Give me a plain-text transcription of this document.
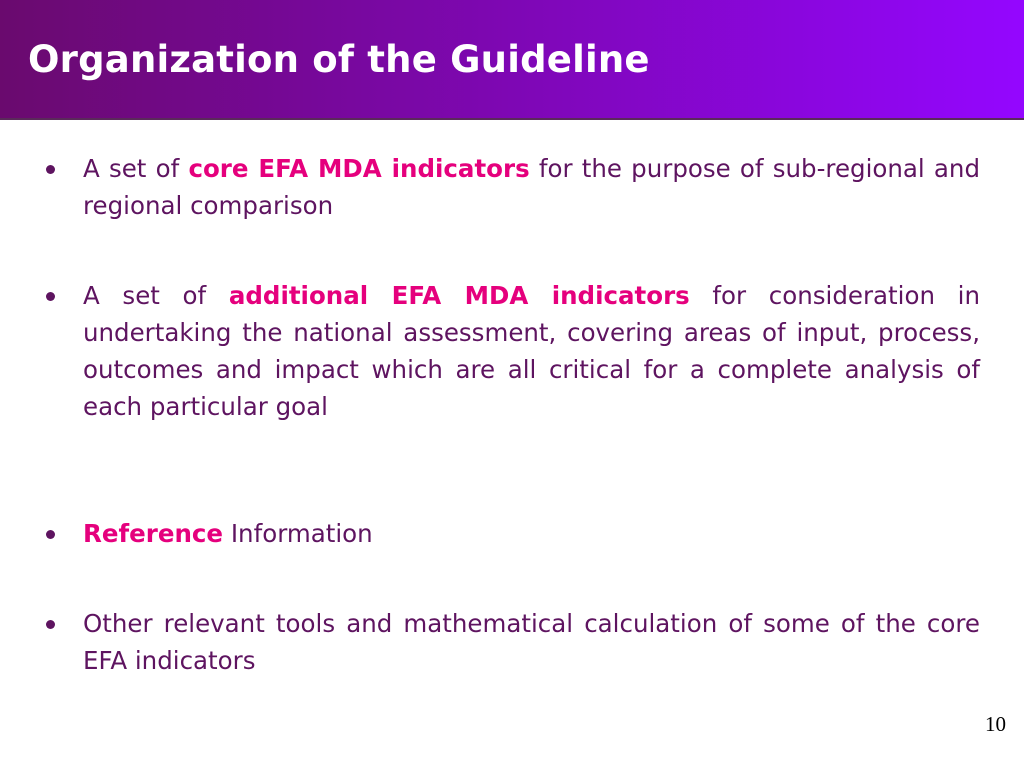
Organization of the Guideline

A set of core EFA MDA indicators for the purpose of sub-regional and regional comparison

A set of additional EFA MDA indicators for consideration in undertaking the national assessment, covering areas of input, process, outcomes and impact which are all critical for a complete analysis of each particular goal

Reference Information

Other relevant tools and mathematical calculation of some of the core EFA indicators

10
